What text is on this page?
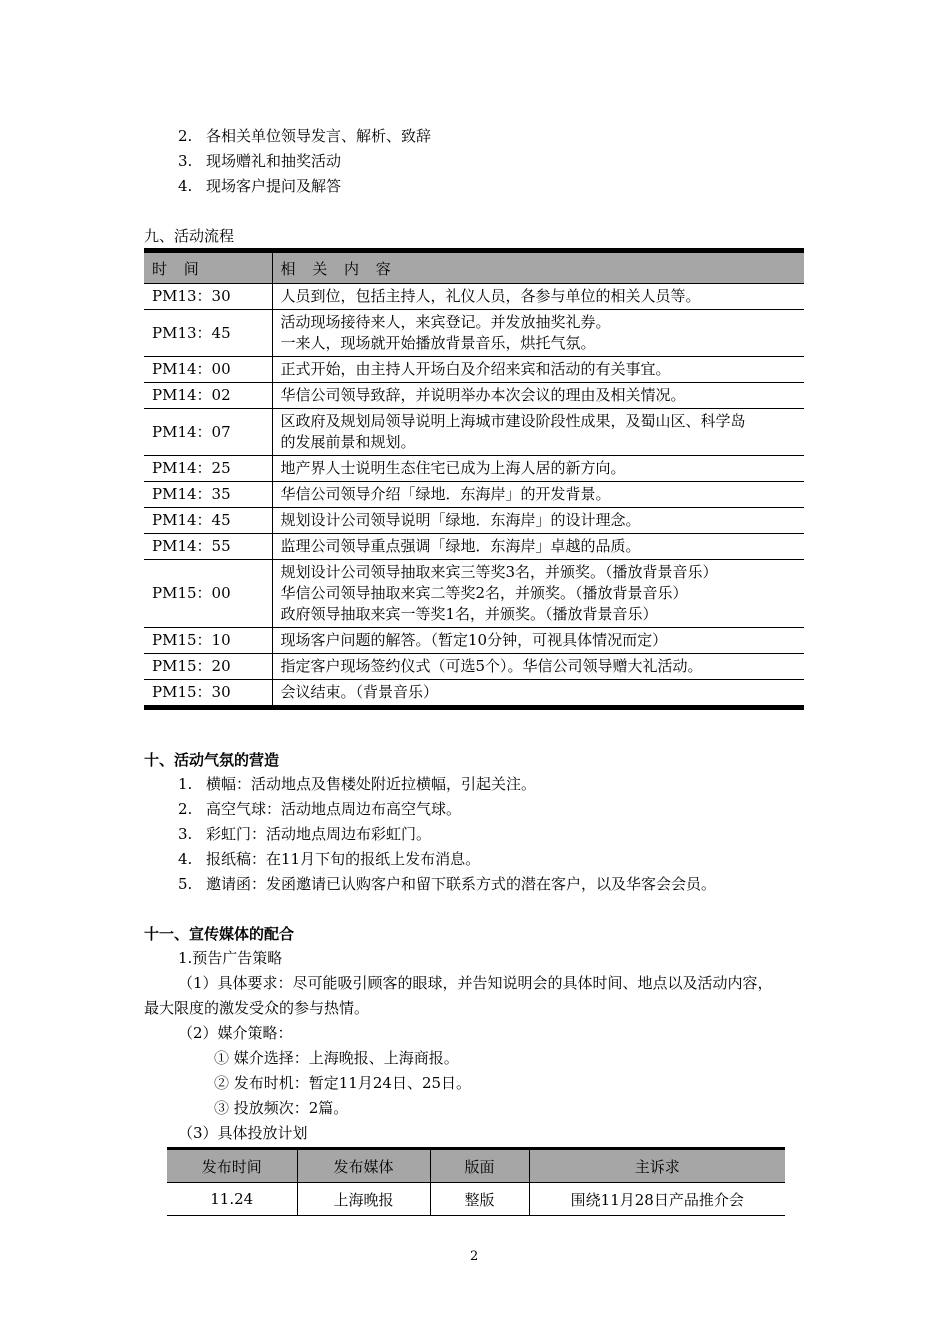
2. 各相关单位领导发言、解析、致辞
3. 现场赠礼和抽奖活动
4. 现场客户提问及解答
九、活动流程
时 间	相 关 内 容
PM13：30	人员到位，包括主持人，礼仪人员，各参与单位的相关人员等。

PM13：45	活动现场接待来人，来宾登记。并发放抽奖礼券。
一来人，现场就开始播放背景音乐，烘托气氛。

PM14：00	正式开始，由主持人开场白及介绍来宾和活动的有关事宜。

PM14：02	华信公司领导致辞，并说明举办本次会议的理由及相关情况。

PM14：07	区政府及规划局领导说明上海城市建设阶段性成果，及蜀山区、科学岛
的发展前景和规划。

PM14：25	地产界人士说明生态住宅已成为上海人居的新方向。

PM14：35	华信公司领导介绍「绿地．东海岸」的开发背景。

PM14：45	规划设计公司领导说明「绿地．东海岸」的设计理念。

PM14：55	监理公司领导重点强调「绿地．东海岸」卓越的品质。

PM15：00	规划设计公司领导抽取来宾三等奖3名，并颁奖。（播放背景音乐）
华信公司领导抽取来宾二等奖2名，并颁奖。（播放背景音乐）
政府领导抽取来宾一等奖1名，并颁奖。（播放背景音乐）

PM15：10	现场客户问题的解答。（暂定10分钟，可视具体情况而定）

PM15：20	指定客户现场签约仪式（可选5个）。华信公司领导赠大礼活动。

PM15：30	会议结束。（背景音乐）
十、活动气氛的营造
1. 横幅：活动地点及售楼处附近拉横幅，引起关注。
2. 高空气球：活动地点周边布高空气球。
3. 彩虹门：活动地点周边布彩虹门。
4. 报纸稿：在11月下旬的报纸上发布消息。
5. 邀请函：发函邀请已认购客户和留下联系方式的潜在客户，以及华客会会员。
十一、宣传媒体的配合
1.预告广告策略
（1）具体要求：尽可能吸引顾客的眼球，并告知说明会的具体时间、地点以及活动内容，
最大限度的激发受众的参与热情。
（2）媒介策略：
① 媒介选择：上海晚报、上海商报。
② 发布时机：暂定11月24日、25日。
③ 投放频次：2篇。
（3）具体投放计划
发布时间	发布媒体	版面	主诉求
11.24	上海晚报	整版	围绕11月28日产品推介会
2
